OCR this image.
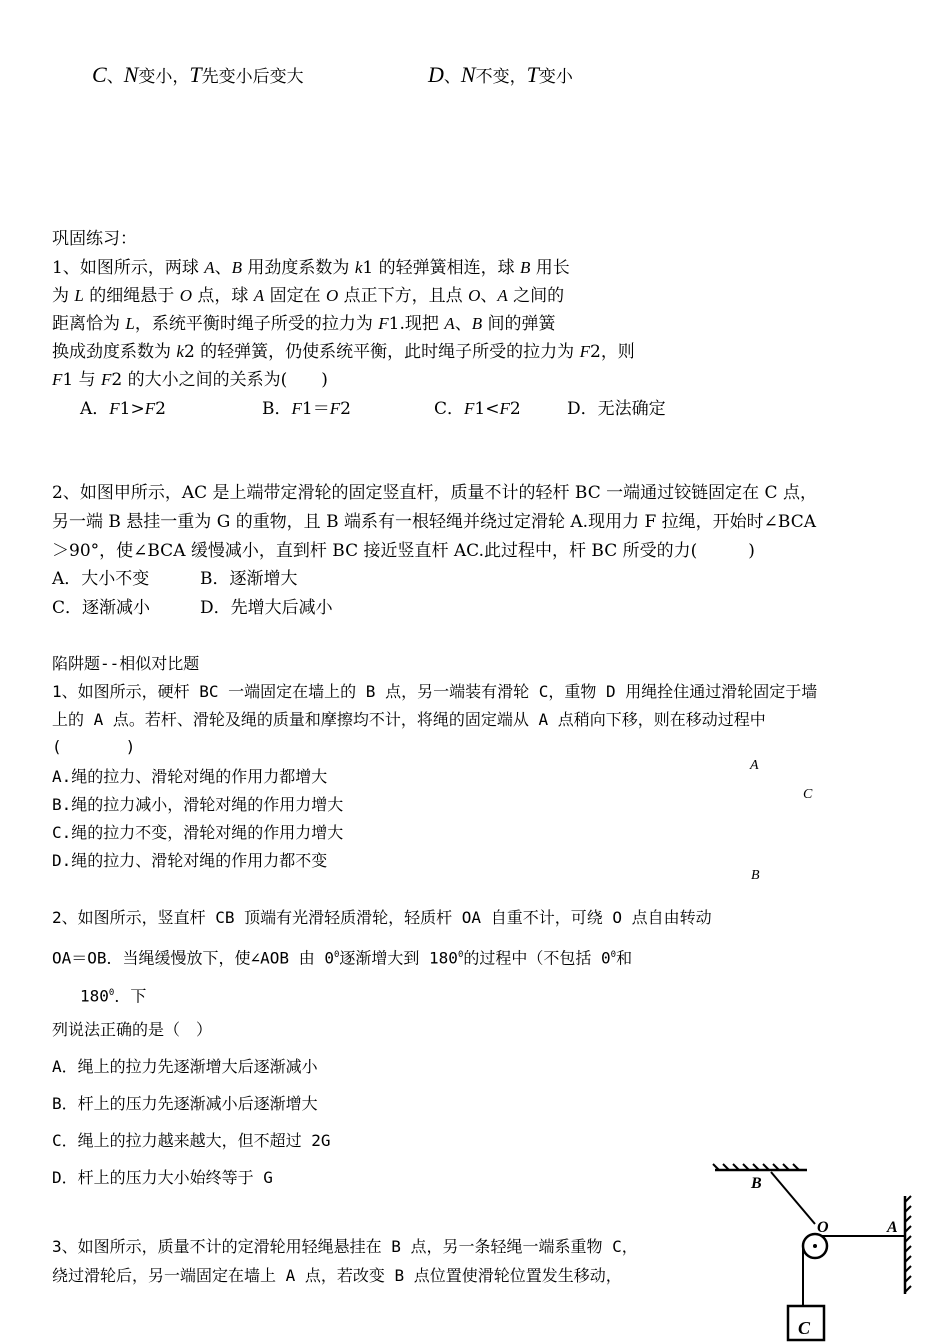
C、N变小，T先变小后变大	D、N不变，T变小
巩固练习：
1、如图所示，两球 A、B 用劲度系数为 k1 的轻弹簧相连，球 B 用长
为 L 的细绳悬于 O 点，球 A 固定在 O 点正下方，且点 O、A 之间的
距离恰为 L，系统平衡时绳子所受的拉力为 F1.现把 A、B 间的弹簧
换成劲度系数为 k2 的轻弹簧，仍使系统平衡，此时绳子所受的拉力为 F2，则
F1 与 F2 的大小之间的关系为(　　)
A．F1>F2	B．F1＝F2	C．F1<F2	D．无法确定
2、如图甲所示，AC 是上端带定滑轮的固定竖直杆，质量不计的轻杆 BC 一端通过铰链固定在 C 点，
另一端 B 悬挂一重为 G 的重物，且 B 端系有一根轻绳并绕过定滑轮 A.现用力 F 拉绳，开始时∠BCA
＞90°，使∠BCA 缓慢减小，直到杆 BC 接近竖直杆 AC.此过程中，杆 BC 所受的力(　　　)
A．大小不变	B．逐渐增大
C．逐渐减小	D．先增大后减小
陷阱题--相似对比题
1、如图所示，硬杆 BC 一端固定在墙上的 B 点，另一端装有滑轮 C，重物 D 用绳拴住通过滑轮固定于墙
上的 A 点。若杆、滑轮及绳的质量和摩擦均不计，将绳的固定端从 A 点稍向下移，则在移动过程中
(　　　　)
A.绳的拉力、滑轮对绳的作用力都增大
B.绳的拉力减小，滑轮对绳的作用力增大
C.绳的拉力不变，滑轮对绳的作用力增大
D.绳的拉力、滑轮对绳的作用力都不变
A
C
B
2、如图所示，竖直杆 CB 顶端有光滑轻质滑轮，轻质杆 OA 自重不计，可绕 O 点自由转动
OA＝OB．当绳缓慢放下，使∠AOB 由 $0^0$逐渐增大到 $180^0$的过程中（不包括 $0^0$和
$180^0$．下
列说法正确的是（　）
A．绳上的拉力先逐渐增大后逐渐减小
B．杆上的压力先逐渐减小后逐渐增大
C．绳上的拉力越来越大，但不超过 2G
D．杆上的压力大小始终等于 G
3、如图所示，质量不计的定滑轮用轻绳悬挂在 B 点，另一条轻绳一端系重物 C，
绕过滑轮后，另一端固定在墙上 A 点，若改变 B 点位置使滑轮位置发生移动，
B
O	A
C
